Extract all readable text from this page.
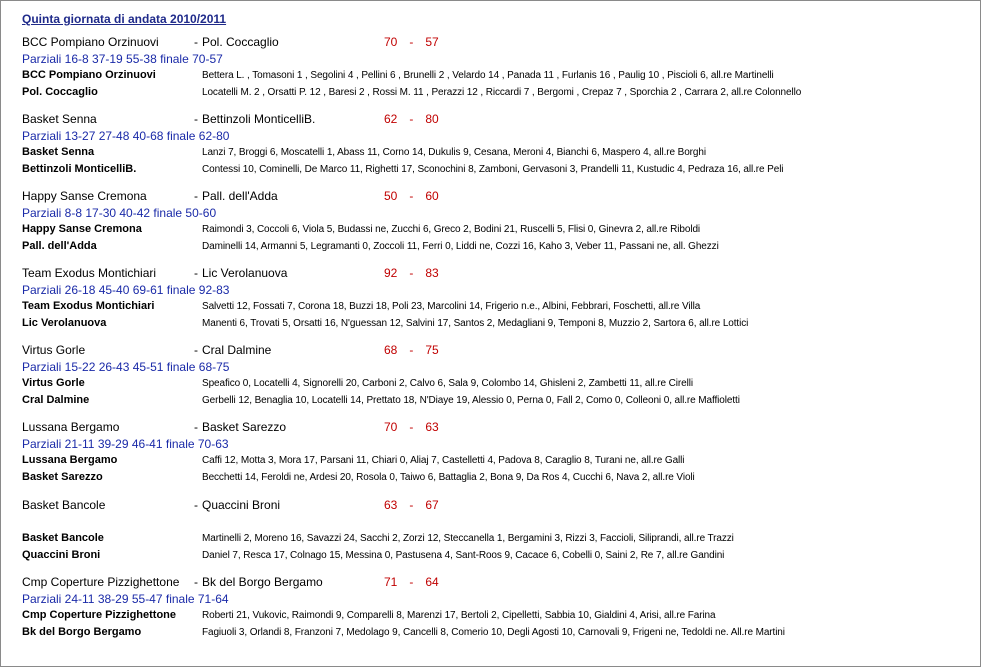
Quinta giornata di andata 2010/2011
BCC Pompiano Orzinuovi	- Pol. Coccaglio	70 - 57
Parziali 16-8 37-19 55-38 finale 70-57
BCC Pompiano Orzinuovi	Bettera L. , Tomasoni 1 , Segolini 4 , Pellini 6 , Brunelli 2 , Velardo 14 , Panada 11 , Furlanis 16 , Paulig 10 , Piscioli 6, all.re Martinelli
Pol. Coccaglio	Locatelli M. 2 , Orsatti P. 12 , Baresi 2 , Rossi M. 11 , Perazzi 12 , Riccardi 7 , Bergomi , Crepaz 7 , Sporchia 2 , Carrara 2, all.re Colonnello
Basket Senna	- Bettinzoli MonticelliB.	62 - 80
Parziali 13-27 27-48 40-68 finale 62-80
Basket Senna	Lanzi 7, Broggi 6, Moscatelli 1, Abass 11, Corno 14, Dukulis 9, Cesana, Meroni 4, Bianchi 6, Maspero 4, all.re Borghi
Bettinzoli MonticelliB.	Contessi 10, Cominelli, De Marco 11, Righetti 17, Sconochini 8, Zamboni, Gervasoni 3, Prandelli 11, Kustudic 4, Pedraza 16, all.re Peli
Happy Sanse Cremona	- Pall. dell'Adda	50 - 60
Parziali 8-8 17-30 40-42 finale 50-60
Happy Sanse Cremona	Raimondi 3, Coccoli 6, Viola 5, Budassi ne, Zucchi 6, Greco 2, Bodini 21, Ruscelli 5, Flisi 0, Ginevra 2, all.re Riboldi
Pall. dell'Adda	Daminelli 14, Armanni 5, Legramanti 0, Zoccoli 11, Ferri 0, Liddi ne, Cozzi 16, Kaho 3, Veber 11, Passani ne, all. Ghezzi
Team Exodus Montichiari	- Lic Verolanuova	92 - 83
Parziali 26-18 45-40 69-61 finale 92-83
Team Exodus Montichiari	Salvetti 12, Fossati 7, Corona 18, Buzzi 18, Poli 23, Marcolini 14, Frigerio n.e., Albini, Febbrari, Foschetti, all.re Villa
Lic Verolanuova	Manenti 6, Trovati 5, Orsatti 16, N'guessan 12, Salvini 17, Santos 2, Medagliani 9, Temponi 8, Muzzio 2, Sartora 6, all.re Lottici
Virtus Gorle	- Cral Dalmine	68 - 75
Parziali 15-22 26-43 45-51 finale 68-75
Virtus Gorle	Speafico 0, Locatelli 4, Signorelli 20, Carboni 2, Calvo 6, Sala 9, Colombo 14, Ghisleni 2, Zambetti 11, all.re Cirelli
Cral Dalmine	Gerbelli 12, Benaglia 10, Locatelli 14, Prettato 18, N'Diaye 19, Alessio 0, Perna 0, Fall 2, Como 0, Colleoni 0, all.re Maffioletti
Lussana Bergamo	- Basket Sarezzo	70 - 63
Parziali 21-11 39-29 46-41 finale 70-63
Lussana Bergamo	Caffi 12, Motta 3, Mora 17, Parsani 11, Chiari 0, Aliaj 7, Castelletti 4, Padova 8, Caraglio 8, Turani ne, all.re Galli
Basket Sarezzo	Becchetti 14, Feroldi ne, Ardesi 20, Rosola 0, Taiwo 6, Battaglia 2, Bona 9, Da Ros 4, Cucchi 6, Nava 2, all.re Violi
Basket Bancole	- Quaccini Broni	63 - 67
Basket Bancole	Martinelli 2, Moreno 16, Savazzi 24, Sacchi 2, Zorzi 12, Steccanella 1, Bergamini 3, Rizzi 3, Faccioli, Siliprandi, all.re Trazzi
Quaccini Broni	Daniel 7, Resca 17, Colnago 15, Messina 0, Pastusena 4, Sant-Roos 9, Cacace 6, Cobelli 0, Saini 2, Re 7, all.re Gandini
Cmp Coperture Pizzighettone - Bk del Borgo Bergamo	71 - 64
Parziali 24-11 38-29 55-47 finale 71-64
Cmp Coperture Pizzighettone	Roberti 21, Vukovic, Raimondi 9, Comparelli 8, Marenzi 17, Bertoli 2, Cipelletti, Sabbia 10, Gialdini 4, Arisi, all.re Farina
Bk del Borgo Bergamo	Fagiuoli 3, Orlandi 8, Franzoni 7, Medolago 9, Cancelli 8, Comerio 10, Degli Agosti 10, Carnovali 9, Frigeni ne, Tedoldi ne. All.re Martini
